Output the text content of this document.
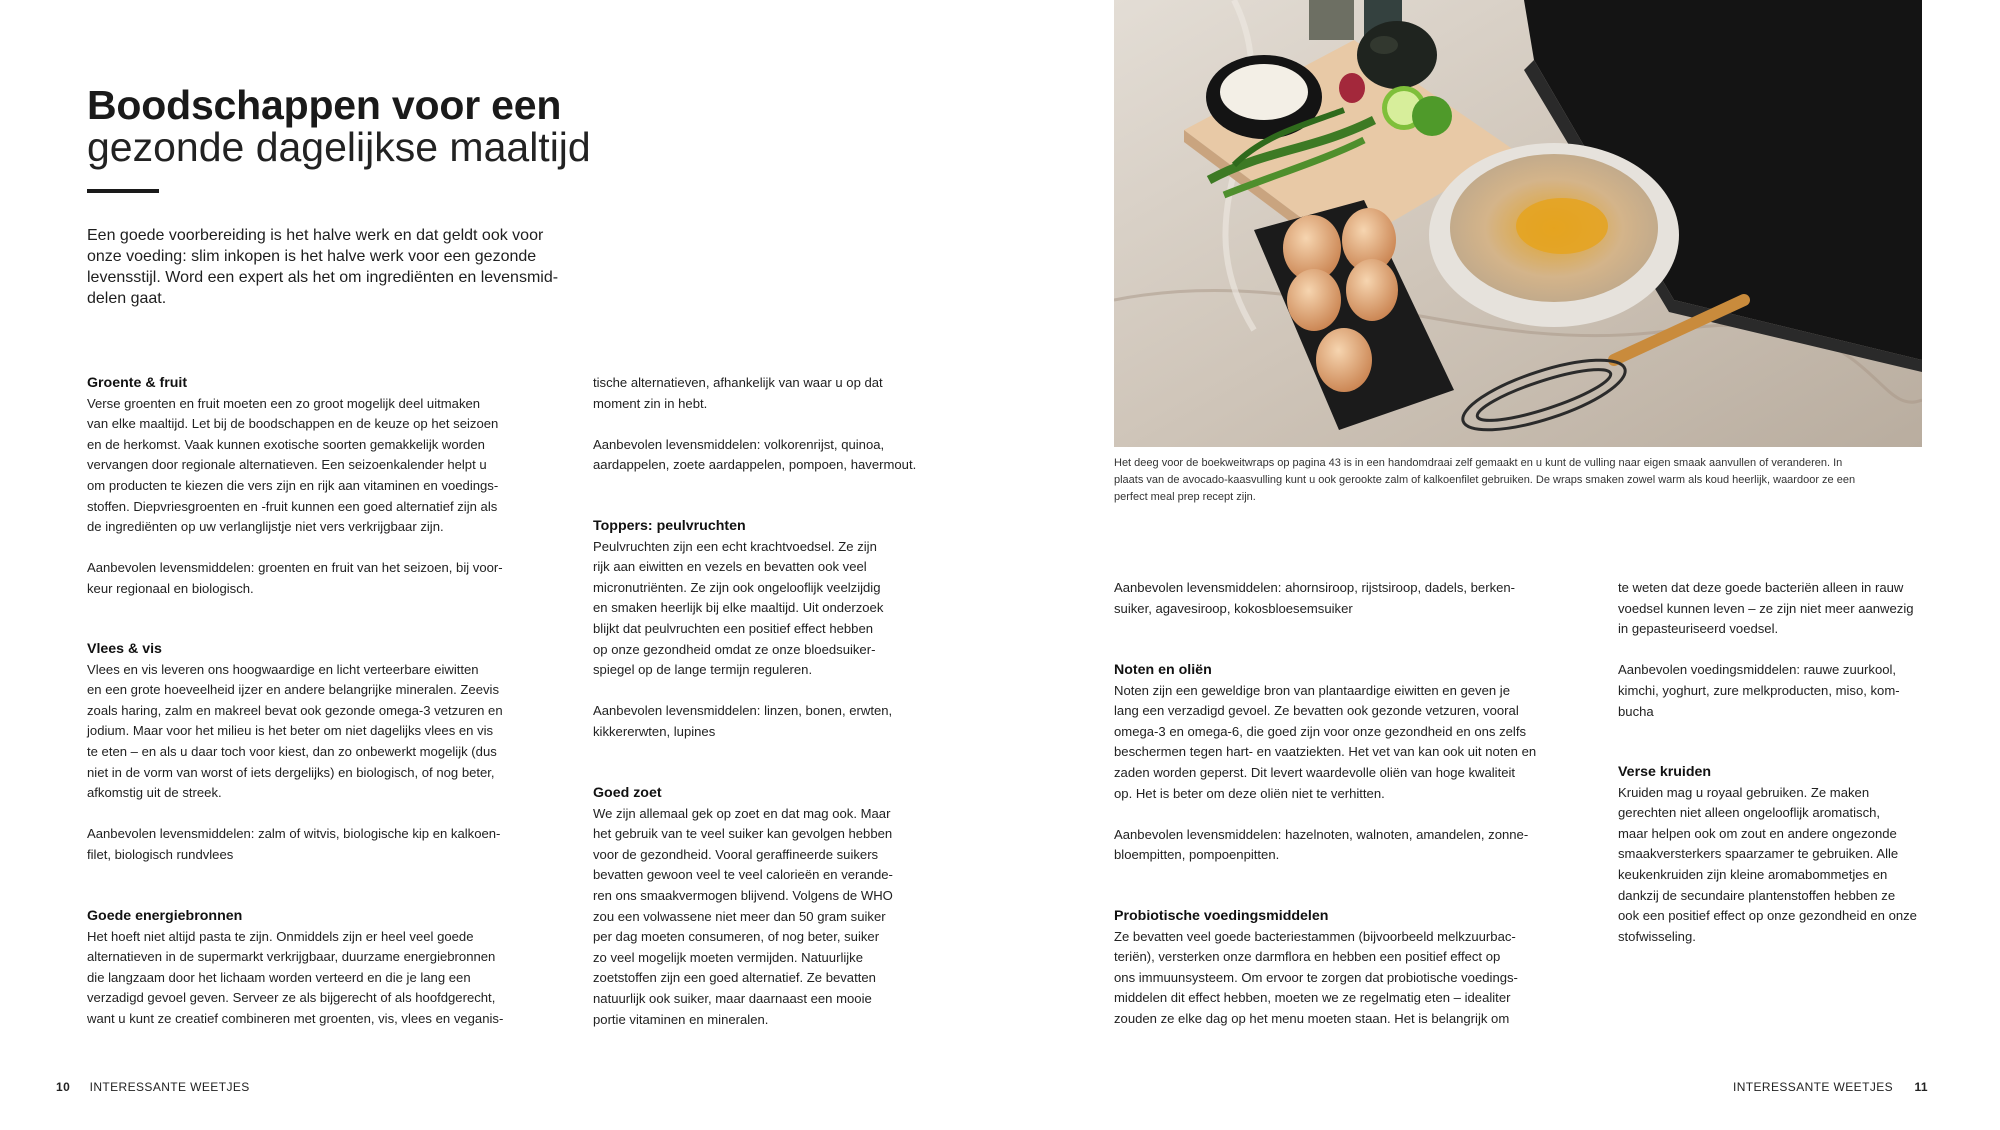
Boodschappen voor een
gezonde dagelijkse maaltijd
Een goede voorbereiding is het halve werk en dat geldt ook voor
onze voeding: slim inkopen is het halve werk voor een gezonde
levensstijl. Word een expert als het om ingrediënten en levensmid-
delen gaat.
Groente & fruit
Verse groenten en fruit moeten een zo groot mogelijk deel uitmaken
van elke maaltijd. Let bij de boodschappen en de keuze op het seizoen
en de herkomst. Vaak kunnen exotische soorten gemakkelijk worden
vervangen door regionale alternatieven. Een seizoenkalender helpt u
om producten te kiezen die vers zijn en rijk aan vitaminen en voedings-
stoffen. Diepvriesgroenten en -fruit kunnen een goed alternatief zijn als
de ingrediënten op uw verlanglijstje niet vers verkrijgbaar zijn.
Aanbevolen levensmiddelen: groenten en fruit van het seizoen, bij voor-
keur regionaal en biologisch.
Vlees & vis
Vlees en vis leveren ons hoogwaardige en licht verteerbare eiwitten
en een grote hoeveelheid ijzer en andere belangrijke mineralen. Zeevis
zoals haring, zalm en makreel bevat ook gezonde omega-3 vetzuren en
jodium. Maar voor het milieu is het beter om niet dagelijks vlees en vis
te eten – en als u daar toch voor kiest, dan zo onbewerkt mogelijk (dus
niet in de vorm van worst of iets dergelijks) en biologisch, of nog beter,
afkomstig uit de streek.
Aanbevolen levensmiddelen: zalm of witvis, biologische kip en kalkoen-
filet, biologisch rundvlees
Goede energiebronnen
Het hoeft niet altijd pasta te zijn. Onmiddels zijn er heel veel goede
alternatieven in de supermarkt verkrijgbaar, duurzame energiebronnen
die langzaam door het lichaam worden verteerd en die je lang een
verzadigd gevoel geven. Serveer ze als bijgerecht of als hoofdgerecht,
want u kunt ze creatief combineren met groenten, vis, vlees en veganis-
tische alternatieven, afhankelijk van waar u op dat
moment zin in hebt.
Aanbevolen levensmiddelen: volkorenrijst, quinoa,
aardappelen, zoete aardappelen, pompoen, havermout.
Toppers: peulvruchten
Peulvruchten zijn een echt krachtvoedsel. Ze zijn
rijk aan eiwitten en vezels en bevatten ook veel
micronutriënten. Ze zijn ook ongelooflijk veelzijdig
en smaken heerlijk bij elke maaltijd. Uit onderzoek
blijkt dat peulvruchten een positief effect hebben
op onze gezondheid omdat ze onze bloedsuiker-
spiegel op de lange termijn reguleren.
Aanbevolen levensmiddelen: linzen, bonen, erwten,
kikkererwten, lupines
Goed zoet
We zijn allemaal gek op zoet en dat mag ook. Maar
het gebruik van te veel suiker kan gevolgen hebben
voor de gezondheid. Vooral geraffineerde suikers
bevatten gewoon veel te veel calorieën en verande-
ren ons smaakvermogen blijvend. Volgens de WHO
zou een volwassene niet meer dan 50 gram suiker
per dag moeten consumeren, of nog beter, suiker
zo veel mogelijk moeten vermijden. Natuurlijke
zoetstoffen zijn een goed alternatief. Ze bevatten
natuurlijk ook suiker, maar daarnaast een mooie
portie vitaminen en mineralen.
Het deeg voor de boekweitwraps op pagina 43 is in een handomdraai zelf gemaakt en u kunt de vulling naar eigen smaak aanvullen of veranderen. In
plaats van de avocado-kaasvulling kunt u ook gerookte zalm of kalkoenfilet gebruiken. De wraps smaken zowel warm als koud heerlijk, waardoor ze een
perfect meal prep recept zijn.
Aanbevolen levensmiddelen: ahornsiroop, rijstsiroop, dadels, berken-
suiker, agavesiroop, kokosbloesemsuiker
Noten en oliën
Noten zijn een geweldige bron van plantaardige eiwitten en geven je
lang een verzadigd gevoel. Ze bevatten ook gezonde vetzuren, vooral
omega-3 en omega-6, die goed zijn voor onze gezondheid en ons zelfs
beschermen tegen hart- en vaatziekten. Het vet van kan ook uit noten en
zaden worden geperst. Dit levert waardevolle oliën van hoge kwaliteit
op. Het is beter om deze oliën niet te verhitten.
Aanbevolen levensmiddelen: hazelnoten, walnoten, amandelen, zonne-
bloempitten, pompoenpitten.
Probiotische voedingsmiddelen
Ze bevatten veel goede bacteriestammen (bijvoorbeeld melkzuurbac-
teriën), versterken onze darmflora en hebben een positief effect op
ons immuunsysteem. Om ervoor te zorgen dat probiotische voedings-
middelen dit effect hebben, moeten we ze regelmatig eten – idealiter
zouden ze elke dag op het menu moeten staan. Het is belangrijk om
te weten dat deze goede bacteriën alleen in rauw
voedsel kunnen leven – ze zijn niet meer aanwezig
in gepasteuriseerd voedsel.
Aanbevolen voedingsmiddelen: rauwe zuurkool,
kimchi, yoghurt, zure melkproducten, miso, kom-
bucha
Verse kruiden
Kruiden mag u royaal gebruiken. Ze maken
gerechten niet alleen ongelooflijk aromatisch,
maar helpen ook om zout en andere ongezonde
smaakversterkers spaarzamer te gebruiken. Alle
keukenkruiden zijn kleine aromabommetjes en
dankzij de secundaire plantenstoffen hebben ze
ook een positief effect op onze gezondheid en onze
stofwisseling.
10 INTERESSANTE WEETJES	INTERESSANTE WEETJES 11
